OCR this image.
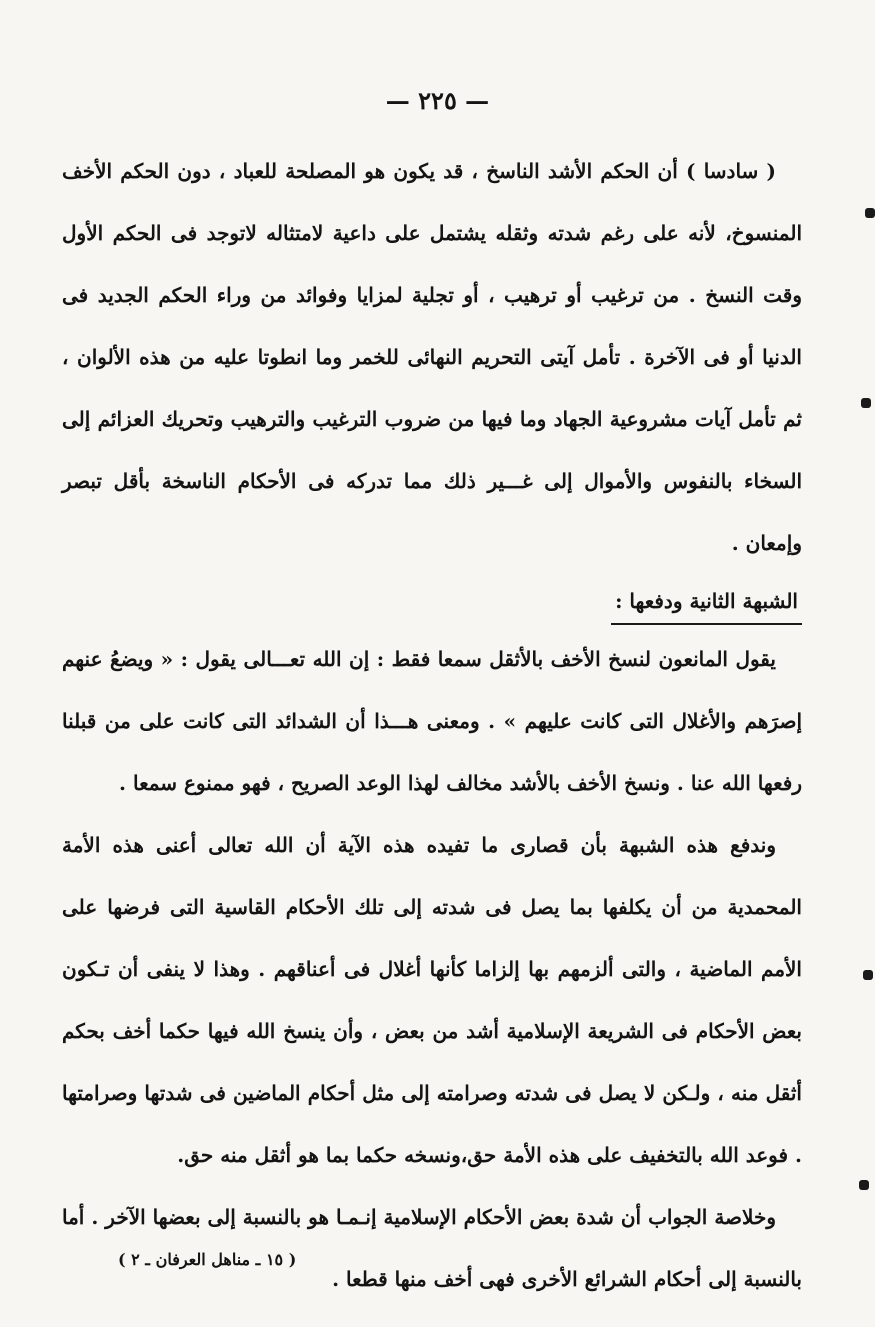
— ٢٢٥ —

( سادسا ) أن الحكم الأشد الناسخ ، قد يكون هو المصلحة للعباد ، دون الحكم الأخف المنسوخ، لأنه على رغم شدته وثقله يشتمل على داعية لامتثاله لاتوجد فى الحكم الأول وقت النسخ . من ترغيب أو ترهيب ، أو تجلية لمزايا وفوائد من وراء الحكم الجديد فى الدنيا أو فى الآخرة . تأمل آيتى التحريم النهائى للخمر وما انطوتا عليه من هذه الألوان ، ثم تأمل آيات مشروعية الجهاد وما فيها من ضروب الترغيب والترهيب وتحريك العزائم إلى السخاء بالنفوس والأموال إلى غـــير ذلك مما تدركه فى الأحكام الناسخة بأقل تبصر وإمعان .

الشبهة الثانية ودفعها :

يقول المانعون لنسخ الأخف بالأثقل سمعا فقط : إن الله تعـــالى يقول : « ويضعُ عنهم إصرَهم والأغلال التى كانت عليهم » . ومعنى هـــذا أن الشدائد التى كانت على من قبلنا رفعها الله عنا . ونسخ الأخف بالأشد مخالف لهذا الوعد الصريح ، فهو ممنوع سمعا .

وندفع هذه الشبهة بأن قصارى ما تفيده هذه الآية أن الله تعالى أعنى هذه الأمة المحمدية من أن يكلفها بما يصل فى شدته إلى تلك الأحكام القاسية التى فرضها على الأمم الماضية ، والتى ألزمهم بها إلزاما كأنها أغلال فى أعناقهم . وهذا لا ينفى أن تـكون بعض الأحكام فى الشريعة الإسلامية أشد من بعض ، وأن ينسخ الله فيها حكما أخف بحكم أثقل منه ، ولـكن لا يصل فى شدته وصرامته إلى مثل أحكام الماضين فى شدتها وصرامتها . فوعد الله بالتخفيف على هذه الأمة حق،ونسخه حكما بما هو أثقل منه حق.

وخلاصة الجواب أن شدة بعض الأحكام الإسلامية إنـمـا هو بالنسبة إلى بعضها الآخر . أما بالنسبة إلى أحكام الشرائع الأخرى فهى أخف منها قطعا .

( ١٥ ـ مناهل العرفان ـ ٢ )
